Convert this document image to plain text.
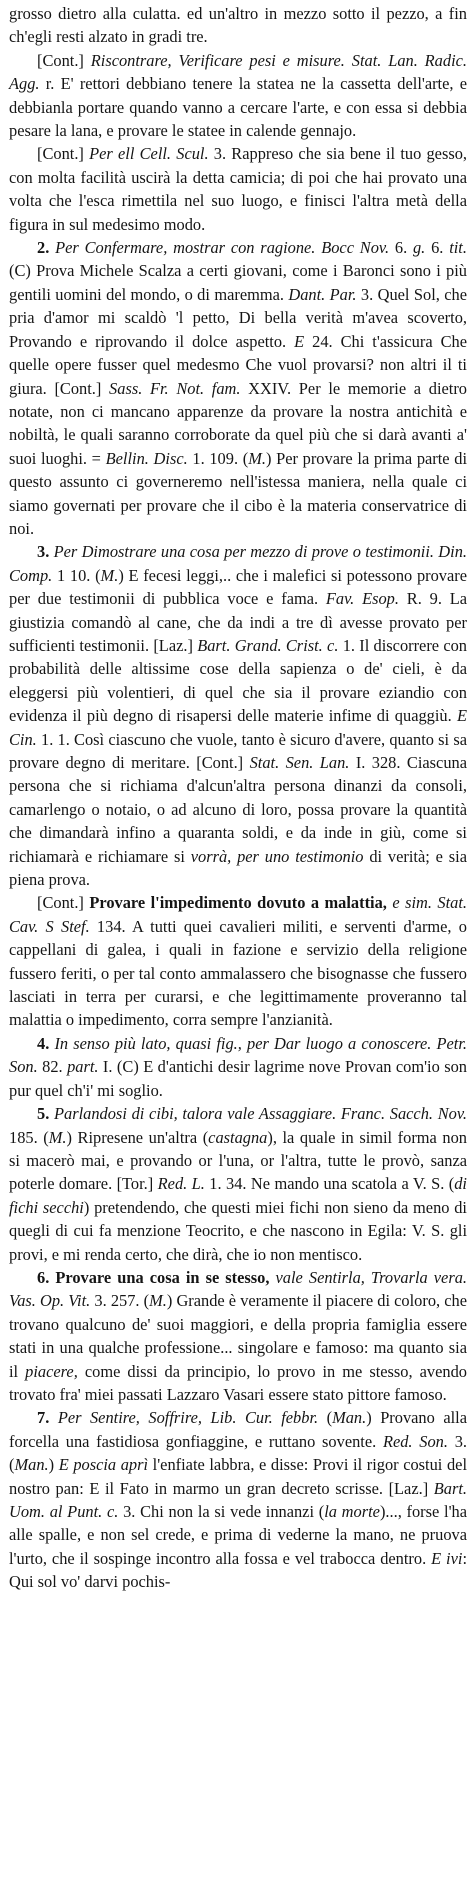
grosso dietro alla culatta. ed un'altro in mezzo sotto il pezzo, a fin ch'egli resti alzato in gradi tre.

[Cont.] Riscontrare, Verificare pesi e misure. Stat. Lan. Radic. Agg. r. E' rettori debbiano tenere la statea ne la cassetta dell'arte, e debbianla portare quando vanno a cercare l'arte, e con essa si debbia pesare la lana, e provare le statee in calende gennajo.

[Cont.] Per ell Cell. Scul. 3. Rappreso che sia bene il tuo gesso, con molta facilità uscirà la detta camicia; di poi che hai provato una volta che l'esca rimettila nel suo luogo, e finisci l'altra metà della figura in sul medesimo modo.

2. Per Confermare, mostrar con ragione. Bocc Nov. 6. g. 6. tit. (C) Prova Michele Scalza a certi giovani, come i Baronci sono i più gentili uomini del mondo, o di maremma. Dant. Par. 3. Quel Sol, che pria d'amor mi scaldò 'l petto, Di bella verità m'avea scoverto, Provando e riprovando il dolce aspetto. E 24. Chi t'assicura Che quelle opere fusser quel medesmo Che vuol provarsi? non altri il ti giura. [Cont.] Sass. Fr. Not. fam. XXIV. Per le memorie a dietro notate, non ci mancano apparenze da provare la nostra antichità e nobiltà, le quali saranno corroborate da quel più che si darà avanti a' suoi luoghi. = Bellin. Disc. 1. 109. (M.) Per provare la prima parte di questo assunto ci governeremo nell'istessa maniera, nella quale ci siamo governati per provare che il cibo è la materia conservatrice di noi.

3. Per Dimostrare una cosa per mezzo di prove o testimonii. Din. Comp. 1 10. (M.) E fecesi leggi,.. che i malefici si potessono provare per due testimonii di pubblica voce e fama. Fav. Esop. R. 9. La giustizia comandò al cane, che da indi a tre dì avesse provato per sufficienti testimonii. [Laz.] Bart. Grand. Crist. c. 1. Il discorrere con probabilità delle altissime cose della sapienza o de' cieli, è da eleggersi più volentieri, di quel che sia il provare eziandio con evidenza il più degno di risapersi delle materie infime di quaggiù. E Cin. 1. 1. Così ciascuno che vuole, tanto è sicuro d'avere, quanto si sa provare degno di meritare. [Cont.] Stat. Sen. Lan. I. 328. Ciascuna persona che si richiama d'alcun'altra persona dinanzi da consoli, camarlengo o notaio, o ad alcuno di loro, possa provare la quantità che dimandarà infino a quaranta soldi, e da inde in giù, come si richiamarà e richiamare si vorrà, per uno testimonio di verità; e sia piena prova.

[Cont.] Provare l'impedimento dovuto a malattia, e sim. Stat. Cav. S Stef. 134. A tutti quei cavalieri militi, e serventi d'arme, o cappellani di galea, i quali in fazione e servizio della religione fussero feriti, o per tal conto ammalassero che bisognasse che fussero lasciati in terra per curarsi, e che legittimamente proveranno tal malattia o impedimento, corra sempre l'anzianità.

4. In senso più lato, quasi fig., per Dar luogo a conoscere. Petr. Son. 82. part. I. (C) E d'antichi desir lagrime nove Provan com'io son pur quel ch'i' mi soglio.

5. Parlandosi di cibi, talora vale Assaggiare. Franc. Sacch. Nov. 185. (M.) Ripresene un'altra (castagna), la quale in simil forma non si macerò mai, e provando or l'una, or l'altra, tutte le provò, sanza poterle domare. [Tor.] Red. L. 1. 34. Ne mando una scatola a V. S. (di fichi secchi) pretendendo, che questi miei fichi non sieno da meno di quegli di cui fa menzione Teocrito, e che nascono in Egila: V. S. gli provi, e mi renda certo, che dirà, che io non mentisco.

6. Provare una cosa in se stesso, vale Sentirla, Trovarla vera. Vas. Op. Vit. 3. 257. (M.) Grande è veramente il piacere di coloro, che trovano qualcuno de' suoi maggiori, e della propria famiglia essere stati in una qualche professione... singolare e famoso: ma quanto sia il piacere, come dissi da principio, lo provo in me stesso, avendo trovato fra' miei passati Lazzaro Vasari essere stato pittore famoso.

7. Per Sentire, Soffrire, Lib. Cur. febbr. (Man.) Provano alla forcella una fastidiosa gonfiaggine, e ruttano sovente. Red. Son. 3. (Man.) E poscia aprì l'enfiate labbra, e disse: Provi il rigor costui del nostro pan: E il Fato in marmo un gran decreto scrisse. [Laz.] Bart. Uom. al Punt. c. 3. Chi non la si vede innanzi (la morte)..., forse l'ha alle spalle, e non sel crede, e prima di vederne la mano, ne pruova l'urto, che il sospinge incontro alla fossa e vel trabocca dentro. E ivi: Qui sol vo' darvi pochis-
